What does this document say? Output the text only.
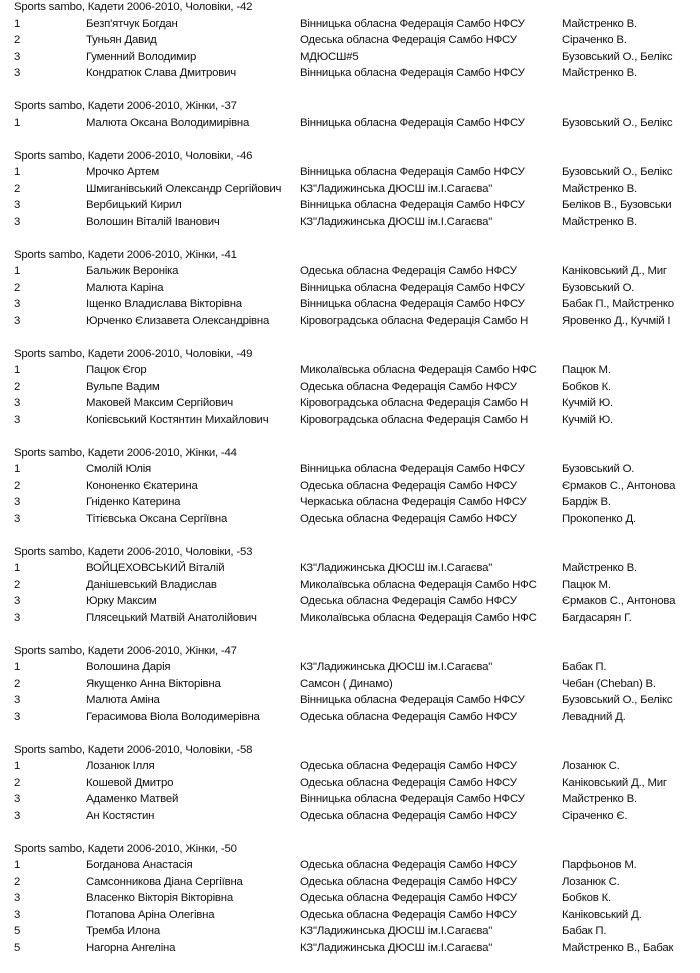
Sports sambo, Кадети 2006-2010, Чоловіки, -42
1	Безп'ятчук Богдан	Вінницька обласна Федерація Самбо НФСУ	Майстренко В.
2	Туньян Давид	Одеська обласна Федерація Самбо НФСУ	Сіраченко В.
3	Гуменний Володимир	МДЮСШ#5	Бузовський О., Белікс
3	Кондратюк Слава Дмитрович	Вінницька обласна Федерація Самбо НФСУ	Майстренко В.
Sports sambo, Кадети 2006-2010, Жінки, -37
1	Малюта Оксана Володимирівна	Вінницька обласна Федерація Самбо НФСУ	Бузовський О., Белікс
Sports sambo, Кадети 2006-2010, Чоловіки, -46
1	Мрочко Артем	Вінницька обласна Федерація Самбо НФСУ	Бузовський О., Белікс
2	Шмиганівський Олександр Сергійович	КЗ"Ладижинська ДЮСШ ім.І.Сагаєва"	Майстренко В.
3	Вербицький Кирил	Вінницька обласна Федерація Самбо НФСУ	Беліков В., Бузовськи
3	Волошин Віталій Іванович	КЗ"Ладижинська ДЮСШ ім.І.Сагаєва"	Майстренко В.
Sports sambo, Кадети 2006-2010, Жінки, -41
1	Бальжик Вероніка	Одеська обласна Федерація Самбо НФСУ	Каніковський Д., Миг
2	Малюта Каріна	Вінницька обласна Федерація Самбо НФСУ	Бузовський О.
3	Іщенко Владислава Вікторівна	Вінницька обласна Федерація Самбо НФСУ	Бабак П., Майстренко
3	Юрченко Єлизавета Олександрівна	Кіровоградська обласна Федерація Самбо Н	Яровенко Д., Кучмій І
Sports sambo, Кадети 2006-2010, Чоловіки, -49
1	Пацюк Єгор	Миколаївська обласна Федерація Самбо НФС	Пацюк М.
2	Вульпе Вадим	Одеська обласна Федерація Самбо НФСУ	Бобков К.
3	Маковей Максим Сергійович	Кіровоградська обласна Федерація Самбо Н	Кучмій Ю.
3	Копієвський Костянтин Михайлович	Кіровоградська обласна Федерація Самбо Н	Кучмій Ю.
Sports sambo, Кадети 2006-2010, Жінки, -44
1	Смолій Юлія	Вінницька обласна Федерація Самбо НФСУ	Бузовський О.
2	Кононенко Єкатерина	Одеська обласна Федерація Самбо НФСУ	Єрмаков С., Антонова
3	Гніденко Катерина	Черкаська обласна Федерація Самбо НФСУ	Бардіж В.
3	Тітієвська Оксана Сергіївна	Одеська обласна Федерація Самбо НФСУ	Прокопенко Д.
Sports sambo, Кадети 2006-2010, Чоловіки, -53
1	ВОЙЦЕХОВСЬКИЙ Віталій	КЗ"Ладижинська ДЮСШ ім.І.Сагаєва"	Майстренко В.
2	Данішевський Владислав	Миколаївська обласна Федерація Самбо НФС	Пацюк М.
3	Юрку Максим	Одеська обласна Федерація Самбо НФСУ	Єрмаков С., Антонова
3	Плясецький Матвій Анатолійович	Миколаївська обласна Федерація Самбо НФС	Багдасарян Г.
Sports sambo, Кадети 2006-2010, Жінки, -47
1	Волошина Дарія	КЗ"Ладижинська ДЮСШ ім.І.Сагаєва"	Бабак П.
2	Якущенко Анна Вікторівна	Самсон ( Динамо)	Чебан (Cheban) В.
3	Малюта Аміна	Вінницька обласна Федерація Самбо НФСУ	Бузовський О., Белікс
3	Герасимова Віола Володимерівна	Одеська обласна Федерація Самбо НФСУ	Левадний Д.
Sports sambo, Кадети 2006-2010, Чоловіки, -58
1	Лозанюк Ілля	Одеська обласна Федерація Самбо НФСУ	Лозанюк С.
2	Кошевой Дмитро	Одеська обласна Федерація Самбо НФСУ	Каніковський Д., Миг
3	Адаменко Матвей	Вінницька обласна Федерація Самбо НФСУ	Майстренко В.
3	Ан Костястин	Одеська обласна Федерація Самбо НФСУ	Сіраченко Є.
Sports sambo, Кадети 2006-2010, Жінки, -50
1	Богданова Анастасія	Одеська обласна Федерація Самбо НФСУ	Парфьонов М.
2	Самсонникова Діана Сергіївна	Одеська обласна Федерація Самбо НФСУ	Лозанюк С.
3	Власенко Вікторія Вікторівна	Одеська обласна Федерація Самбо НФСУ	Бобков К.
3	Потапова Аріна Олегівна	Одеська обласна Федерація Самбо НФСУ	Каніковський Д.
5	Тремба Илона	КЗ"Ладижинська ДЮСШ ім.І.Сагаєва"	Бабак П.
5	Нагорна Ангеліна	КЗ"Ладижинська ДЮСШ ім.І.Сагаєва"	Майстренко В., Бабак
